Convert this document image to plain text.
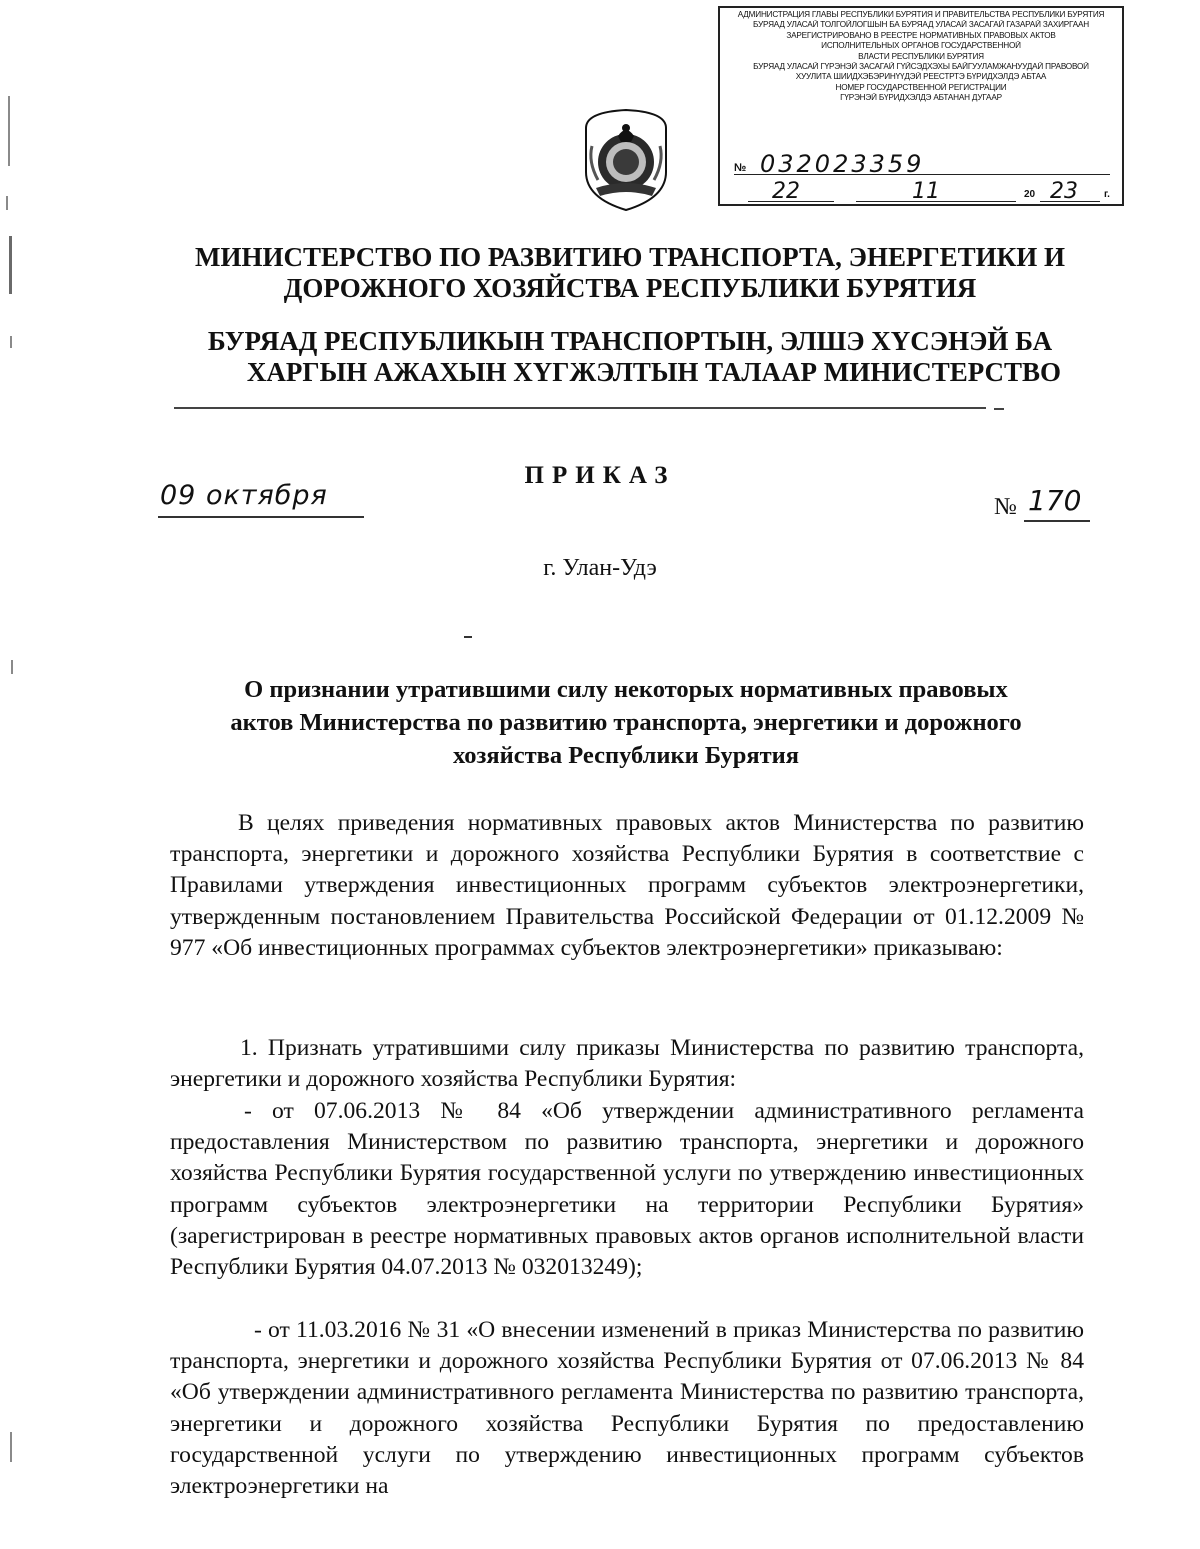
АДМИНИСТРАЦИЯ ГЛАВЫ РЕСПУБЛИКИ БУРЯТИЯ И ПРАВИТЕЛЬСТВА РЕСПУБЛИКИ БУРЯТИЯ
БУРЯАД УЛАСАЙ ТОЛГОЙЛОГШЫН БА БУРЯАД УЛАСАЙ ЗАСАГАЙ ГАЗАРАЙ ЗАХИРГААН
ЗАРЕГИСТРИРОВАНО В РЕЕСТРЕ НОРМАТИВНЫХ ПРАВОВЫХ АКТОВ
ИСПОЛНИТЕЛЬНЫХ ОРГАНОВ ГОСУДАРСТВЕННОЙ
ВЛАСТИ РЕСПУБЛИКИ БУРЯТИЯ
БУРЯАД УЛАСАЙ ГҮРЭНЭЙ ЗАСАГАЙ ГҮЙСЭДХЭХЫ БАЙГУУЛАМЖАНУУДАЙ ПРАВОВОЙ
ХУУЛИТА ШИИДХЭБЭРИНҮҮДЭЙ РЕЕСТРТЭ БҮРИДХЭЛДЭ АБТАА
НОМЕР ГОСУДАРСТВЕННОЙ РЕГИСТРАЦИИ
ГҮРЭНЭЙ БҮРИДХЭЛДЭ АБТАHАН ДУГААР
№ 032023359
22	11	20 23	г.
МИНИСТЕРСТВО ПО РАЗВИТИЮ ТРАНСПОРТА, ЭНЕРГЕТИКИ И
ДОРОЖНОГО ХОЗЯЙСТВА РЕСПУБЛИКИ БУРЯТИЯ
БУРЯАД РЕСПУБЛИКЫН ТРАНСПОРТЫН, ЭЛШЭ ХҮСЭНЭЙ БА
ХАРГЫН АЖАХЫН ХҮГЖЭЛТЫН ТАЛААР МИНИСТЕРСТВО
ПРИКАЗ
09 октября	№ 170
г. Улан-Удэ
О признании утратившими силу некоторых нормативных правовых
актов Министерства по развитию транспорта, энергетики и дорожного
хозяйства Республики Бурятия
В целях приведения нормативных правовых актов Министерства по развитию транспорта, энергетики и дорожного хозяйства Республики Бурятия в соответствие с Правилами утверждения инвестиционных программ субъектов электроэнергетики, утвержденным постановлением Правительства Российской Федерации от 01.12.2009 № 977 «Об инвестиционных программах субъектов электроэнергетики» приказываю:
1. Признать утратившими силу приказы Министерства по развитию транспорта, энергетики и дорожного хозяйства Республики Бурятия:
- от 07.06.2013 № 84 «Об утверждении административного регламента предоставления Министерством по развитию транспорта, энергетики и дорожного хозяйства Республики Бурятия государственной услуги по утверждению инвестиционных программ субъектов электроэнергетики на территории Республики Бурятия» (зарегистрирован в реестре нормативных правовых актов органов исполнительной власти Республики Бурятия 04.07.2013 № 032013249);
- от 11.03.2016 № 31 «О внесении изменений в приказ Министерства по развитию транспорта, энергетики и дорожного хозяйства Республики Бурятия от 07.06.2013 № 84 «Об утверждении административного регламента Министерства по развитию транспорта, энергетики и дорожного хозяйства Республики Бурятия по предоставлению государственной услуги по утверждению инвестиционных программ субъектов электроэнергетики на
